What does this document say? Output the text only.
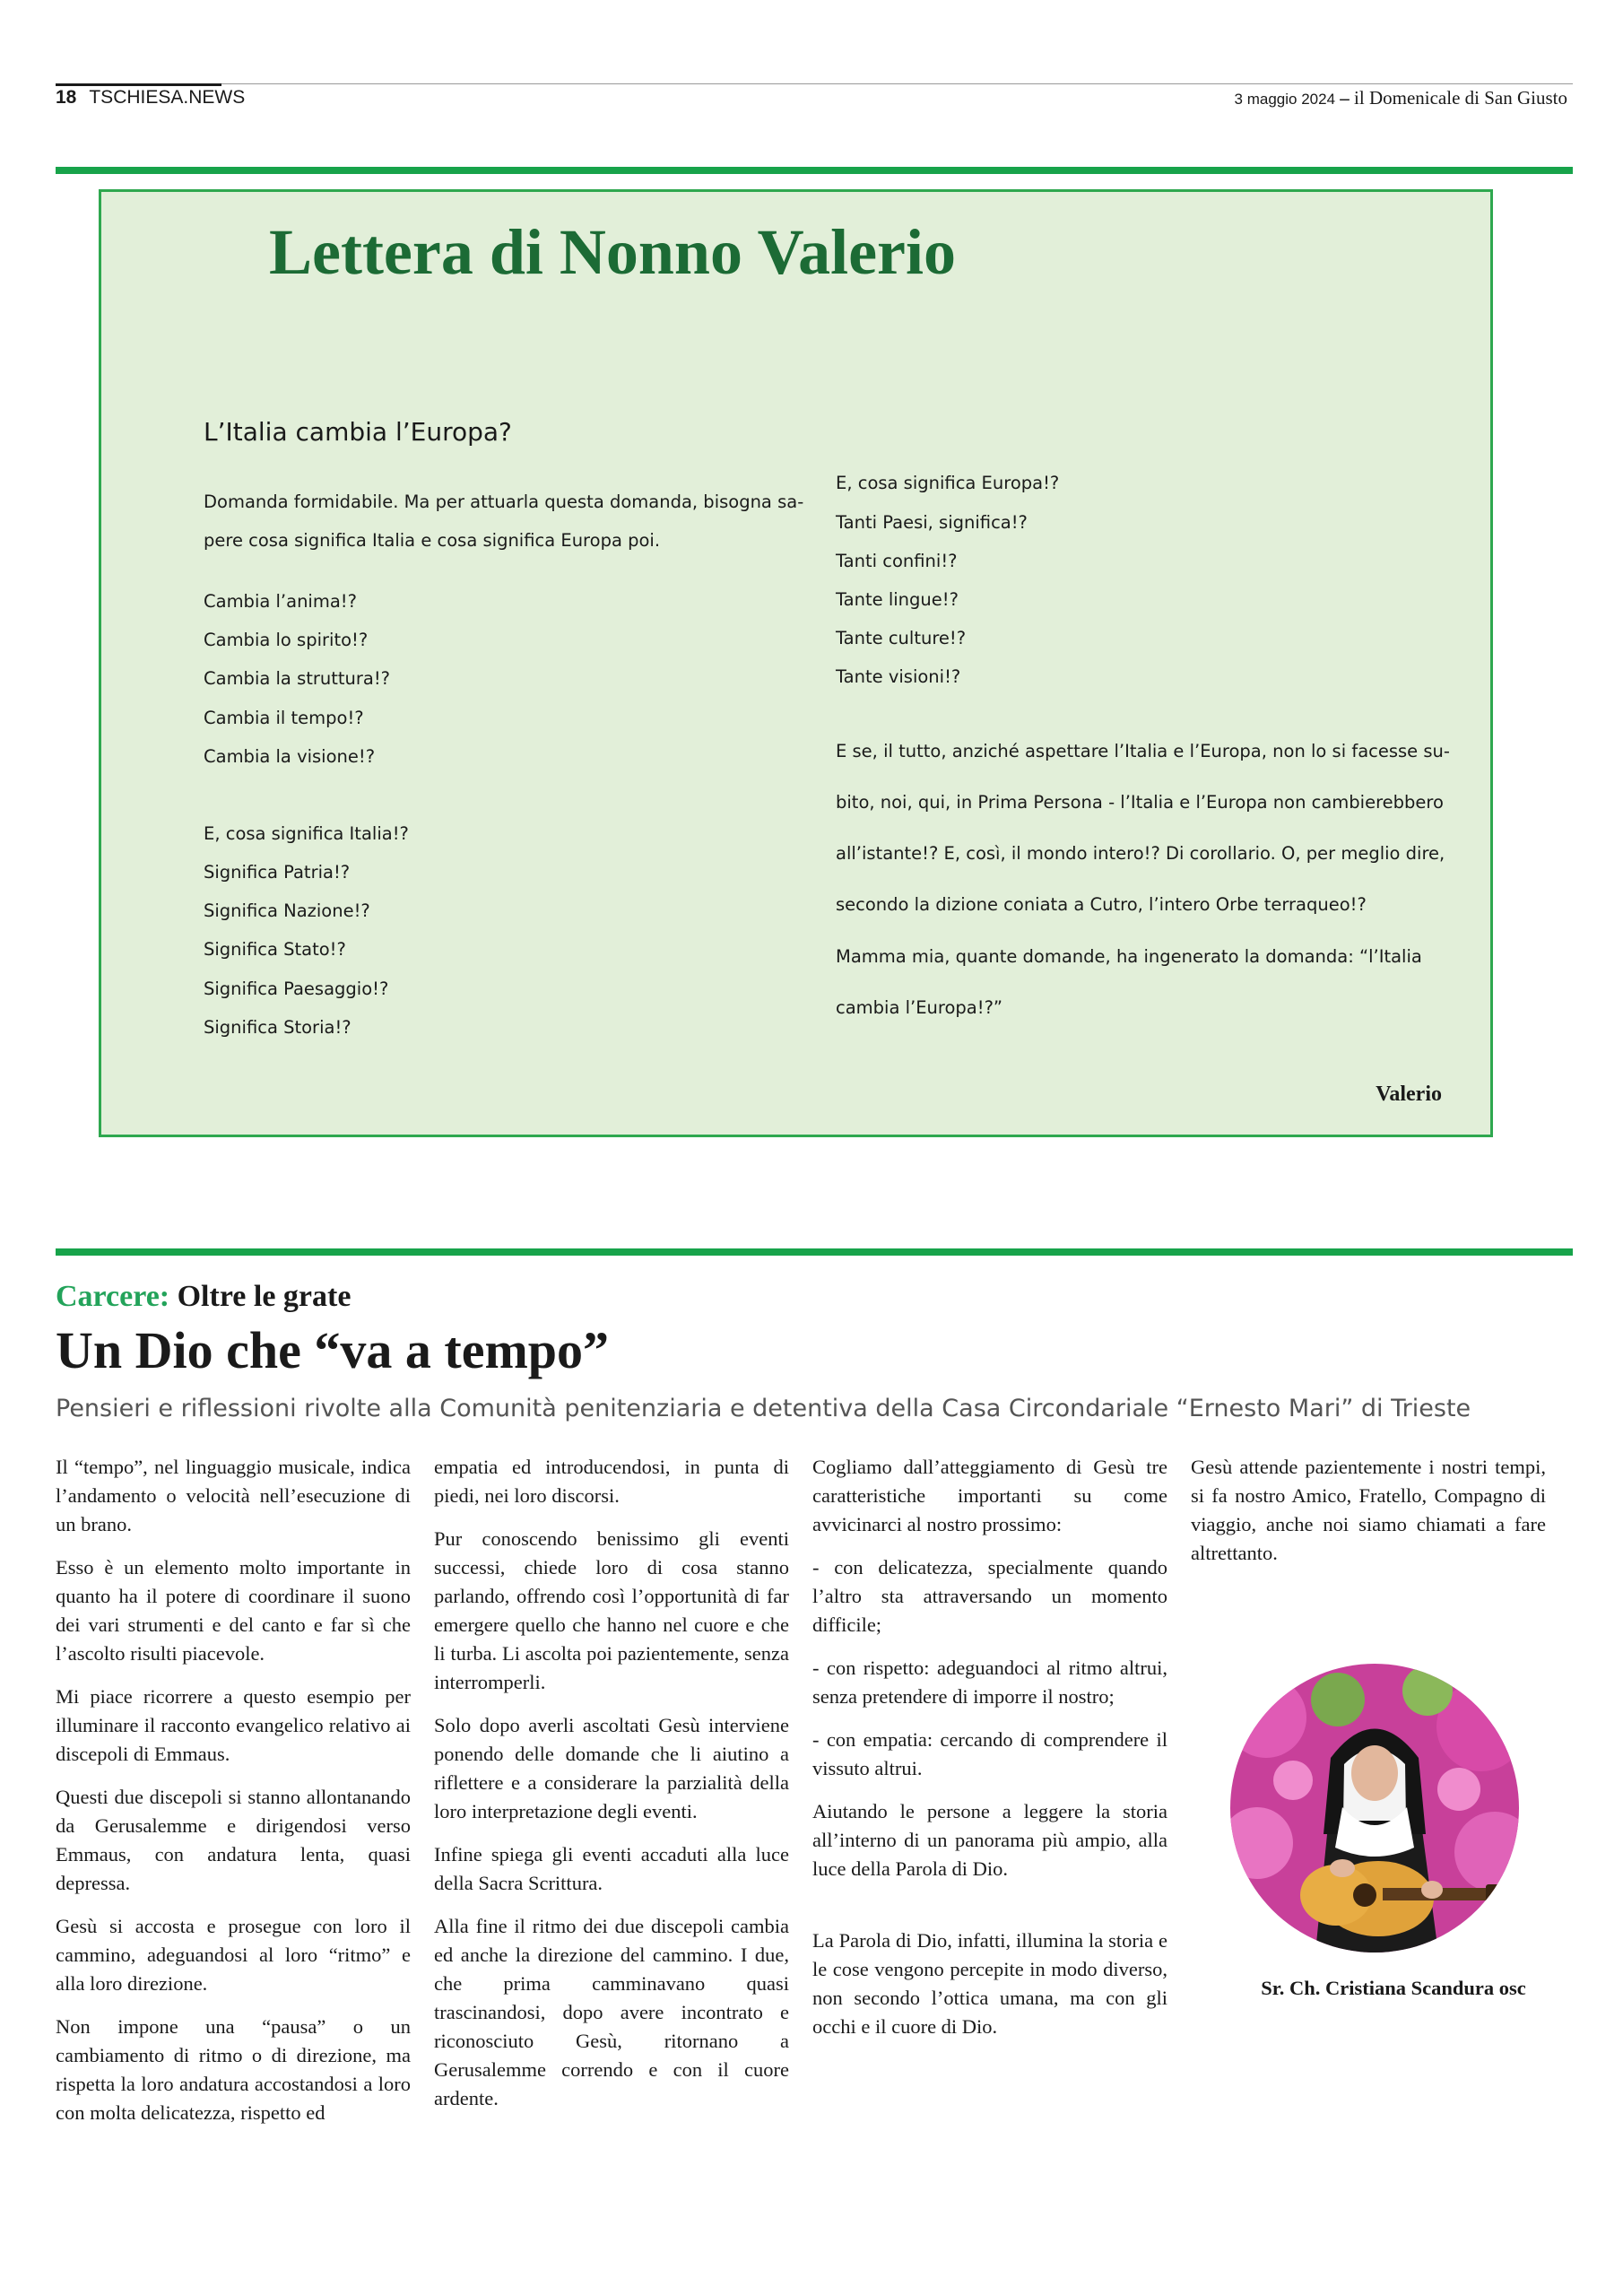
18 TSCHIESA.NEWS	3 maggio 2024 – il Domenicale di San Giusto
Lettera di Nonno Valerio
L’Italia cambia l’Europa?
Domanda formidabile. Ma per attuarla questa domanda, bisogna sa-
pere cosa significa Italia e cosa significa Europa poi.
Cambia l’anima!?
Cambia lo spirito!?
Cambia la struttura!?
Cambia il tempo!?
Cambia la visione!?
E, cosa significa Italia!?
Significa Patria!?
Significa Nazione!?
Significa Stato!?
Significa Paesaggio!?
Significa Storia!?
E, cosa significa Europa!?
Tanti Paesi, significa!?
Tanti confini!?
Tante lingue!?
Tante culture!?
Tante visioni!?
E se, il tutto, anziché aspettare l’Italia e l’Europa, non lo si facesse su-
bito, noi, qui, in Prima Persona - l’Italia e l’Europa non cambierebbero
all’istante!? E, così, il mondo intero!? Di corollario. O, per meglio dire,
secondo la dizione coniata a Cutro, l’intero Orbe terraqueo!?
Mamma mia, quante domande, ha ingenerato la domanda: “l’Italia
cambia l’Europa!?”
Valerio
Carcere: Oltre le grate
Un Dio che “va a tempo”
Pensieri e riflessioni rivolte alla Comunità penitenziaria e detentiva della Casa Circondariale “Ernesto Mari” di Trieste

Il “tempo”, nel linguaggio musicale, indica l’andamento o velocità nell’esecuzione di un brano.

Esso è un elemento molto importante in quanto ha il potere di coordinare il suono dei vari strumenti e del canto e far sì che l’ascolto risulti piacevole.

Mi piace ricorrere a questo esempio per illuminare il racconto evangelico relativo ai discepoli di Emmaus.

Questi due discepoli si stanno allontanando da Gerusalemme e dirigendosi verso Emmaus, con andatura lenta, quasi depressa.

Gesù si accosta e prosegue con loro il cammino, adeguandosi al loro “ritmo” e alla loro direzione.

Non impone una “pausa” o un cambiamento di ritmo o di direzione, ma rispetta la loro andatura accostandosi a loro con molta delicatezza, rispetto ed

empatia ed introducendosi, in punta di piedi, nei loro discorsi.

Pur conoscendo benissimo gli eventi successi, chiede loro di cosa stanno parlando, offrendo così l’opportunità di far emergere quello che hanno nel cuore e che li turba. Li ascolta poi pazientemente, senza interromperli.

Solo dopo averli ascoltati Gesù interviene ponendo delle domande che li aiutino a riflettere e a considerare la parzialità della loro interpretazione degli eventi.

Infine spiega gli eventi accaduti alla luce della Sacra Scrittura.

Alla fine il ritmo dei due discepoli cambia ed anche la direzione del cammino. I due, che prima camminavano quasi trascinandosi, dopo avere incontrato e riconosciuto Gesù, ritornano a Gerusalemme correndo e con il cuore ardente.

Cogliamo dall’atteggiamento di Gesù tre caratteristiche importanti su come avvicinarci al nostro prossimo:

- con delicatezza, specialmente quando l’altro sta attraversando un momento difficile;

- con rispetto: adeguandoci al ritmo altrui, senza pretendere di imporre il nostro;

- con empatia: cercando di comprendere il vissuto altrui.

Aiutando le persone a leggere la storia all’interno di un panorama più ampio, alla luce della Parola di Dio.

La Parola di Dio, infatti, illumina la storia e le cose vengono percepite in modo diverso, non secondo l’ottica umana, ma con gli occhi e il cuore di Dio.

Gesù attende pazientemente i nostri tempi, si fa nostro Amico, Fratello, Compagno di viaggio, anche noi siamo chiamati a fare altrettanto.

Sr. Ch. Cristiana Scandura osc
